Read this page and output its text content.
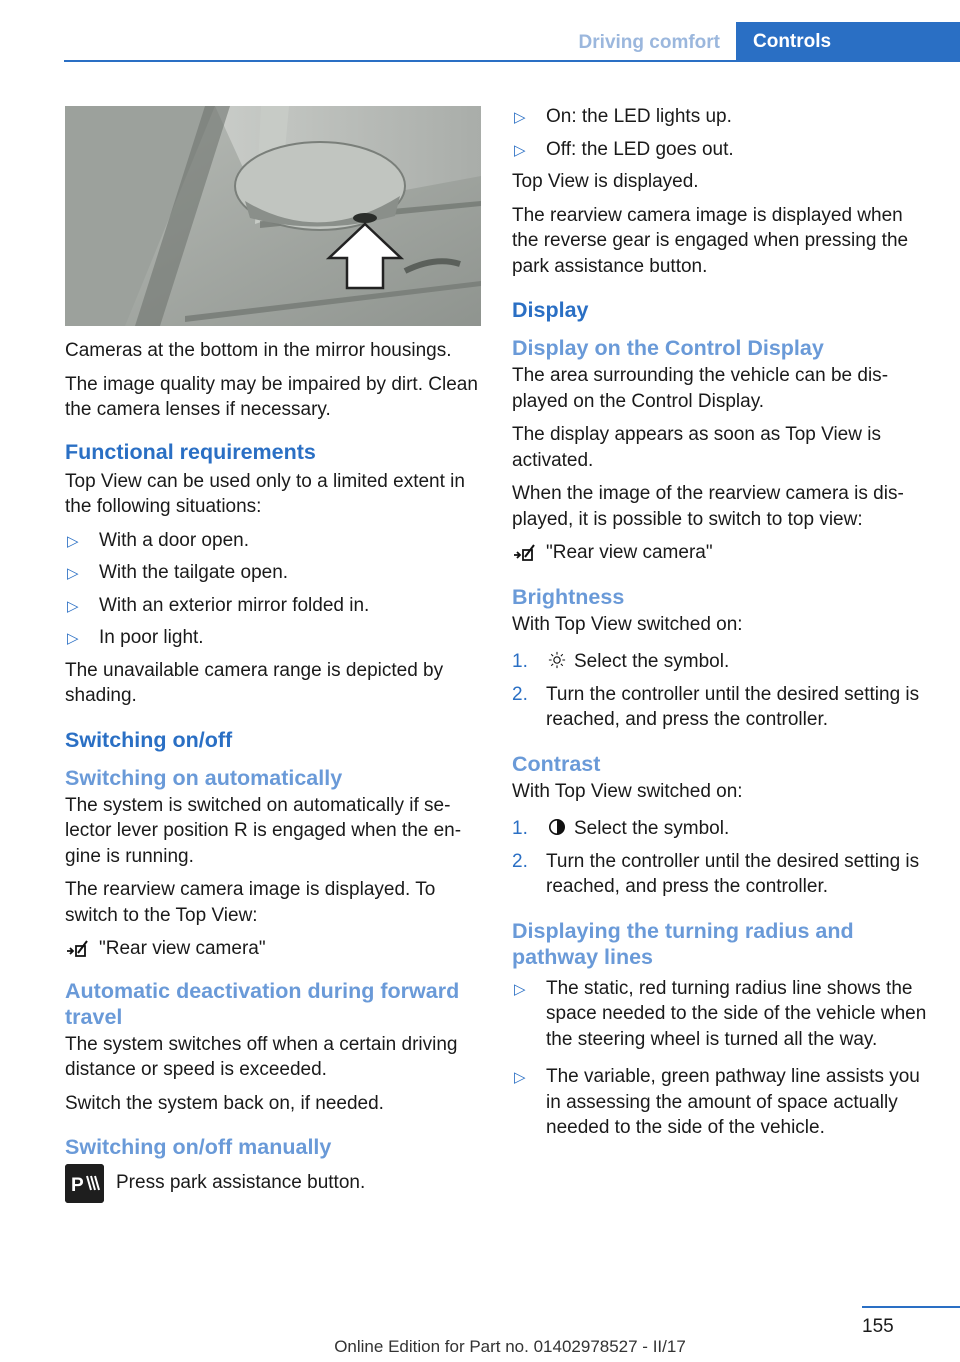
Driving comfort	Controls

Cameras at the bottom in the mirror housings.

The image quality may be impaired by dirt. Clean the camera lenses if necessary.

Functional requirements

Top View can be used only to a limited extent in the following situations:

▷ With a door open.
▷ With the tailgate open.
▷ With an exterior mirror folded in.
▷ In poor light.

The unavailable camera range is depicted by shading.

Switching on/off
Switching on automatically

The system is switched on automatically if selector lever position R is engaged when the engine is running.

The rearview camera image is displayed. To switch to the Top View:

"Rear view camera"
Automatic deactivation during forward travel

The system switches off when a certain driving distance or speed is exceeded.

Switch the system back on, if needed.

Switching on/off manually
P Press park assistance button.
▷ On: the LED lights up.
▷ Off: the LED goes out.

Top View is displayed.

The rearview camera image is displayed when the reverse gear is engaged when pressing the park assistance button.

Display
Display on the Control Display

The area surrounding the vehicle can be displayed on the Control Display.

The display appears as soon as Top View is activated.

When the image of the rearview camera is displayed, it is possible to switch to top view:

"Rear view camera"
Brightness

With Top View switched on:

1. Select the symbol.
2. Turn the controller until the desired setting is reached, and press the controller.
Contrast

With Top View switched on:

1. Select the symbol.
2. Turn the controller until the desired setting is reached, and press the controller.
Displaying the turning radius and pathway lines
▷ The static, red turning radius line shows the space needed to the side of the vehicle when the steering wheel is turned all the way.
▷ The variable, green pathway line assists you in assessing the amount of space actually needed to the side of the vehicle.
155
Online Edition for Part no. 01402978527 - II/17
